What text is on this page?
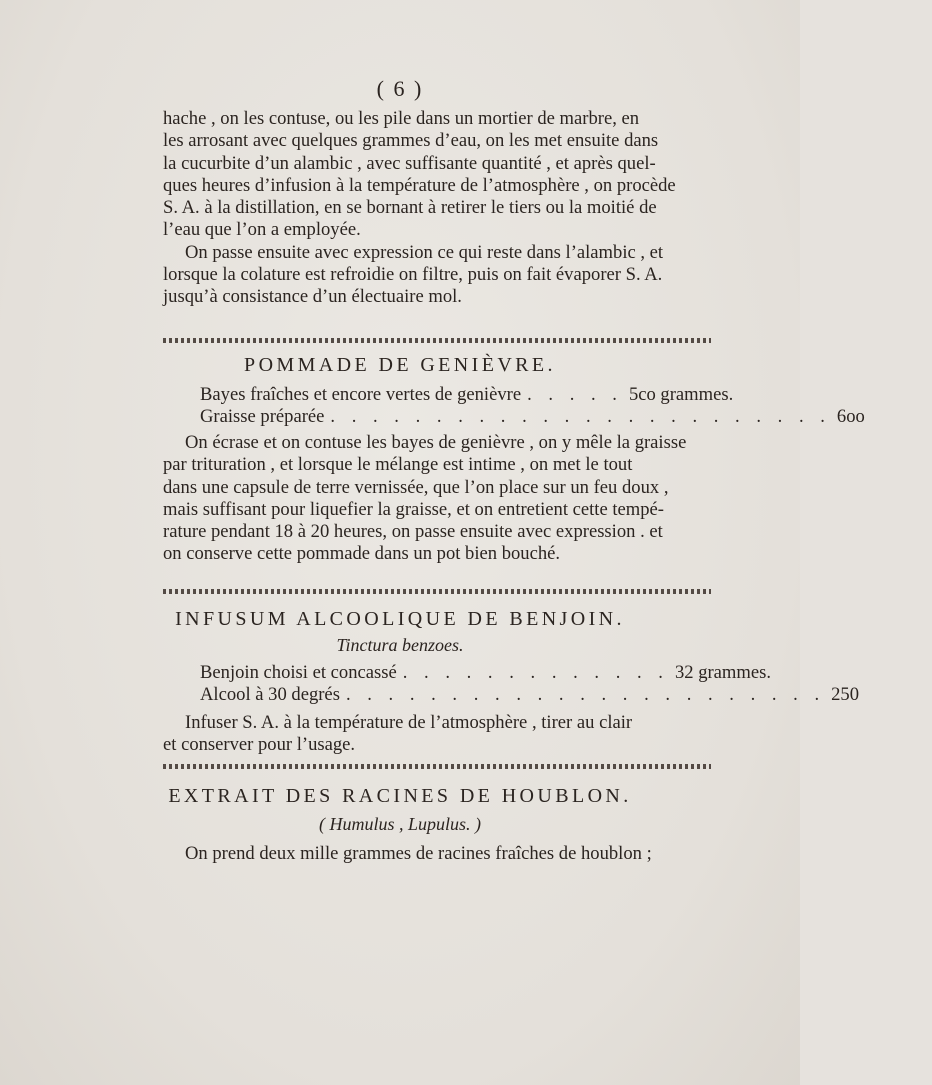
( 6 )
hache , on les contuse, ou les pile dans un mortier de marbre, en
les arrosant avec quelques grammes d’eau, on les met ensuite dans
la cucurbite d’un alambic , avec suffisante quantité , et après quel-
ques heures d’infusion à la température de l’atmosphère , on procède
S. A. à la distillation, en se bornant à retirer le tiers ou la moitié de
l’eau que l’on a employée.
On passe ensuite avec expression ce qui reste dans l’alambic , et
lorsque la colature est refroidie on filtre, puis on fait évaporer S. A.
jusqu’à consistance d’un électuaire mol.
POMMADE DE GENIÈVRE.
Bayes fraîches et encore vertes de genièvre . . . . . 5co grammes.
Graisse préparée . . . . . . . . . . . . . . . . . . . . . . . . 6oo
On écrase et on contuse les bayes de genièvre , on y mêle la graisse
par trituration , et lorsque le mélange est intime , on met le tout
dans une capsule de terre vernissée, que l’on place sur un feu doux ,
mais suffisant pour liquefier la graisse, et on entretient cette tempé-
rature pendant 18 à 20 heures, on passe ensuite avec expression . et
on conserve cette pommade dans un pot bien bouché.
INFUSUM ALCOOLIQUE DE BENJOIN.
Tinctura benzoes.
Benjoin choisi et concassé . . . . . . . . . . . . . 32 grammes.
Alcool à 30 degrés . . . . . . . . . . . . . . . . . . . . . . . 250
Infuser S. A. à la température de l’atmosphère , tirer au clair
et conserver pour l’usage.
EXTRAIT DES RACINES DE HOUBLON.
( Humulus , Lupulus. )
On prend deux mille grammes de racines fraîches de houblon ;
